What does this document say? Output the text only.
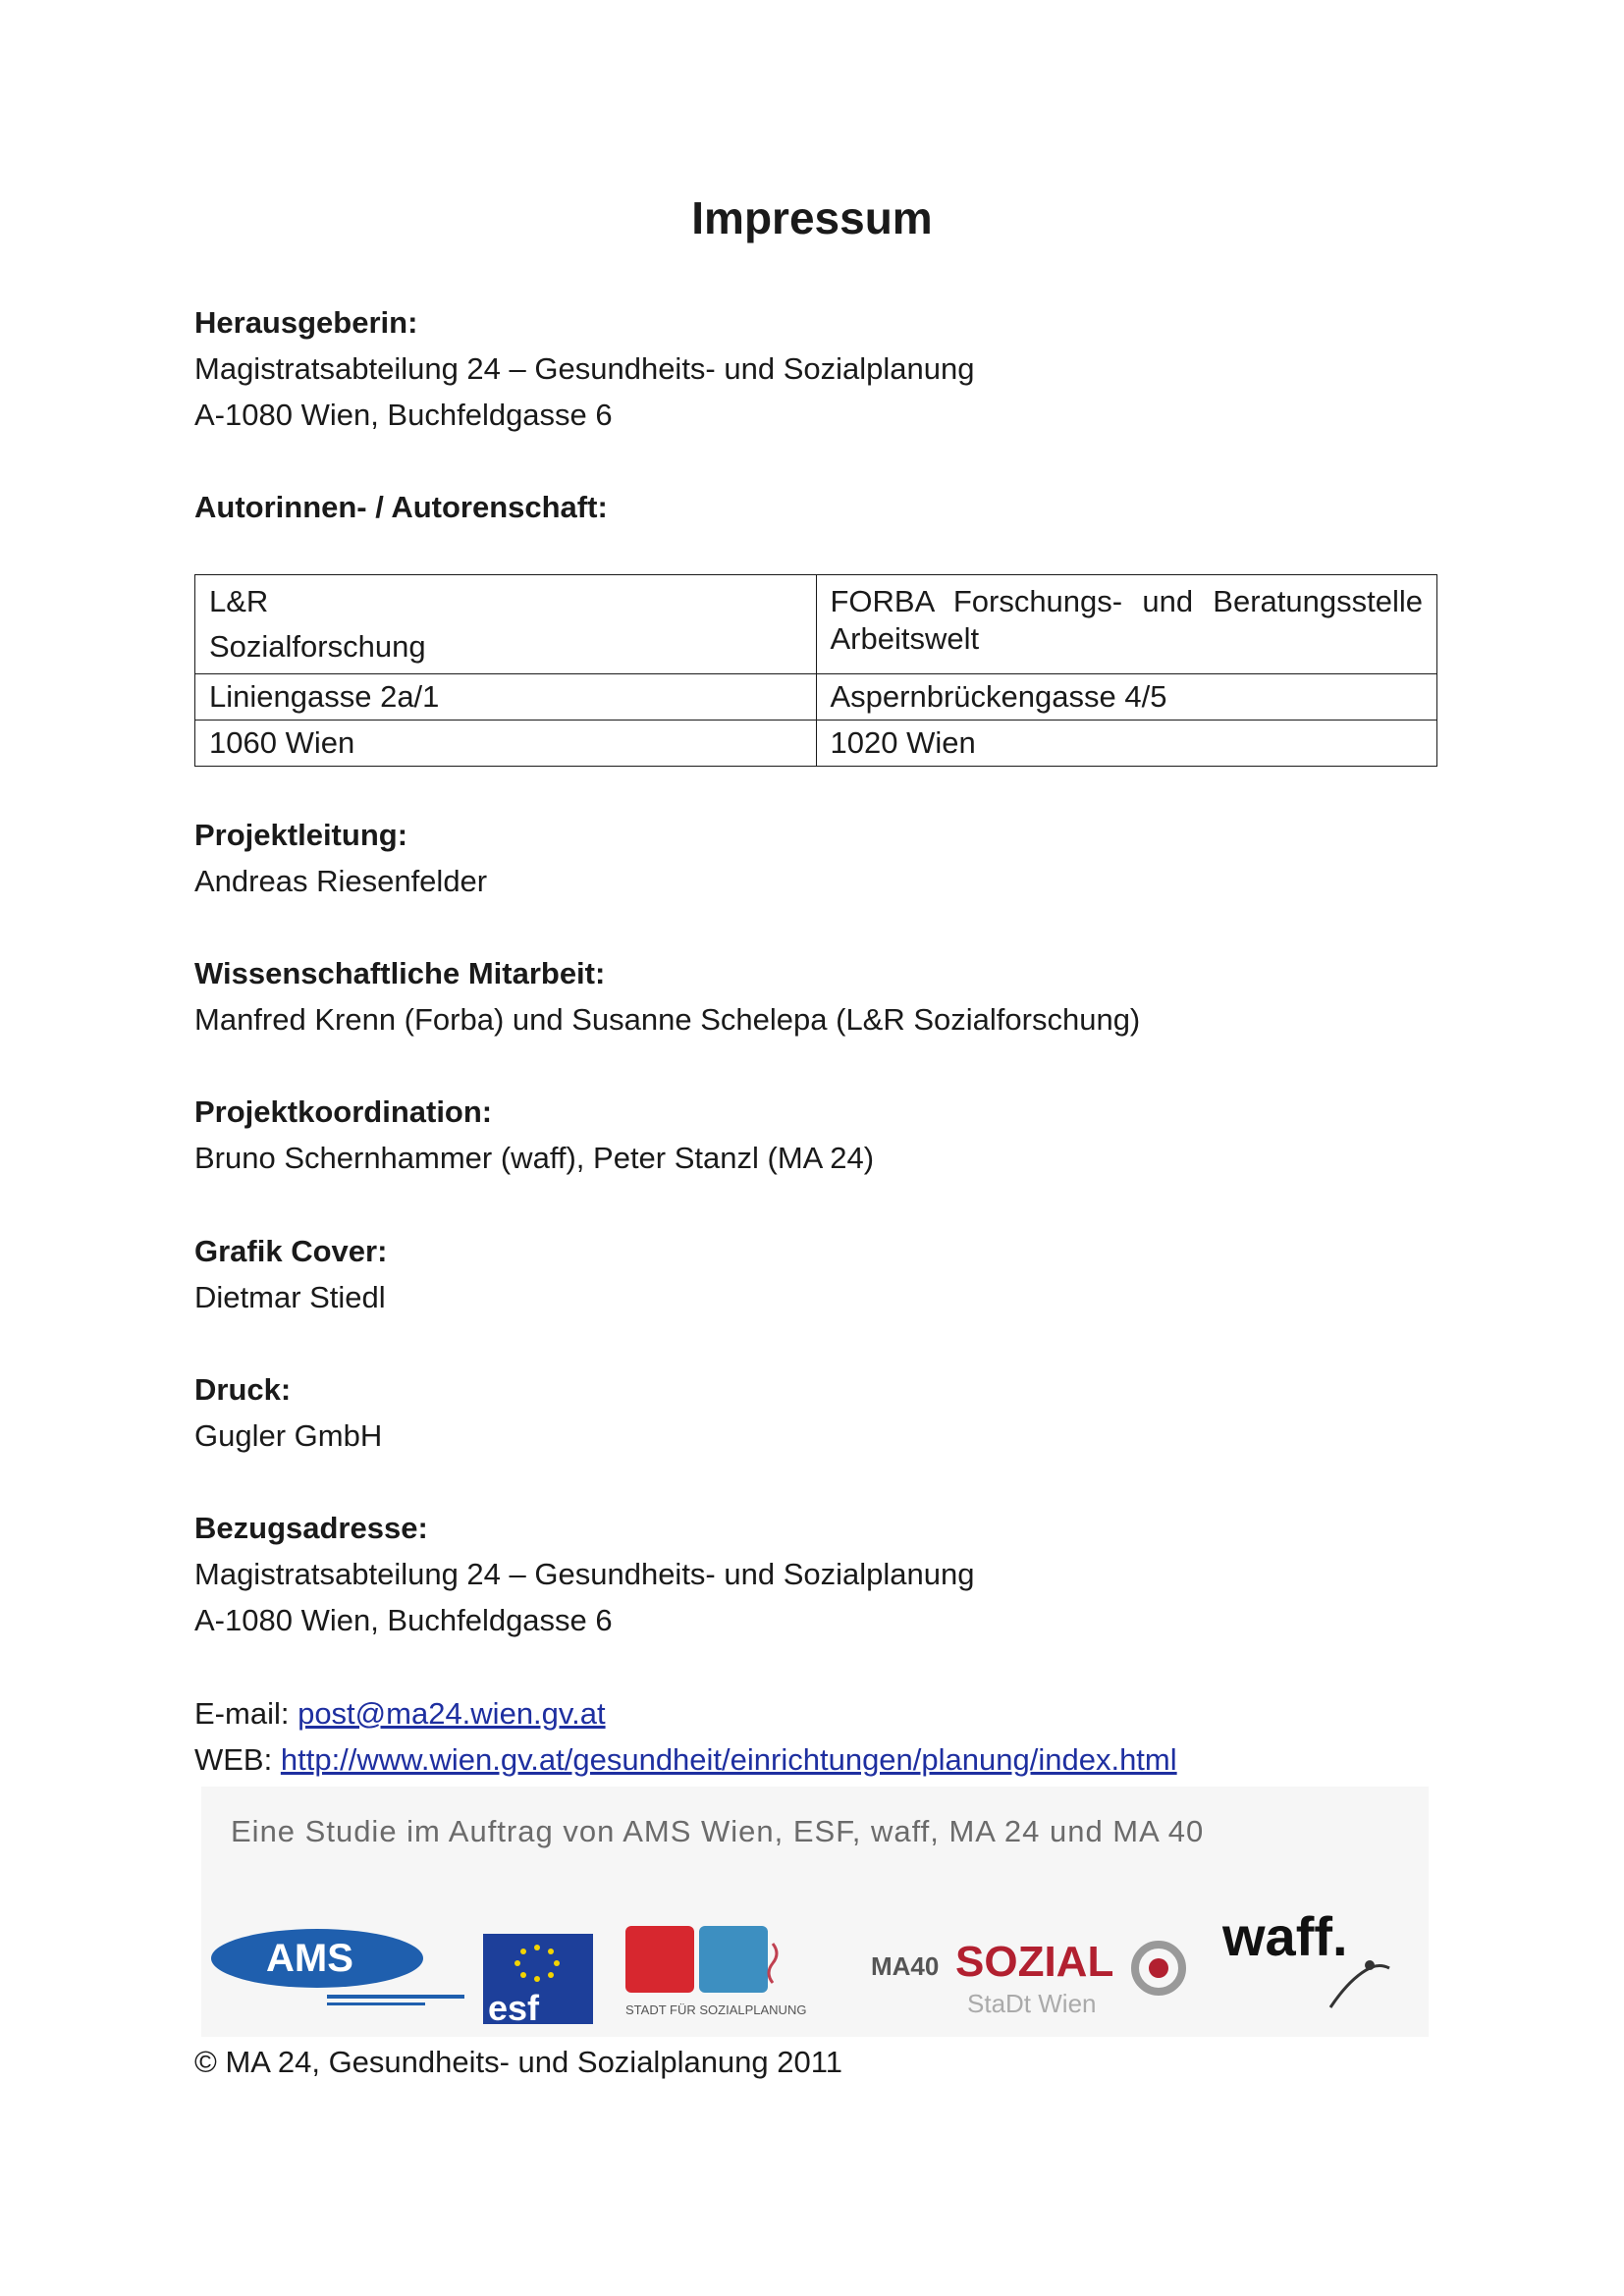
Impressum
Herausgeberin:
Magistratsabteilung 24 – Gesundheits- und Sozialplanung
A-1080 Wien, Buchfeldgasse 6
Autorinnen- / Autorenschaft:
L&R
Sozialforschung	FORBA Forschungs- und Beratungsstelle
Arbeitswelt

Liniengasse 2a/1	Aspernbrückengasse 4/5

1060 Wien	1020 Wien
Projektleitung:
Andreas Riesenfelder
Wissenschaftliche Mitarbeit:
Manfred Krenn (Forba) und Susanne Schelepa (L&R Sozialforschung)
Projektkoordination:
Bruno Schernhammer (waff), Peter Stanzl (MA 24)
Grafik Cover:
Dietmar Stiedl
Druck:
Gugler GmbH
Bezugsadresse:
Magistratsabteilung 24 – Gesundheits- und Sozialplanung
A-1080 Wien, Buchfeldgasse 6
E-mail: post@ma24.wien.gv.at
WEB: http://www.wien.gv.at/gesundheit/einrichtungen/planung/index.html
Eine Studie im Auftrag von AMS Wien, ESF, waff, MA 24 und MA 40
AMS
esf	STADT FÜR SOZIALPLANUNG
MA40 SOZIAL
StaDt Wien
waff.
© MA 24, Gesundheits- und Sozialplanung 2011
